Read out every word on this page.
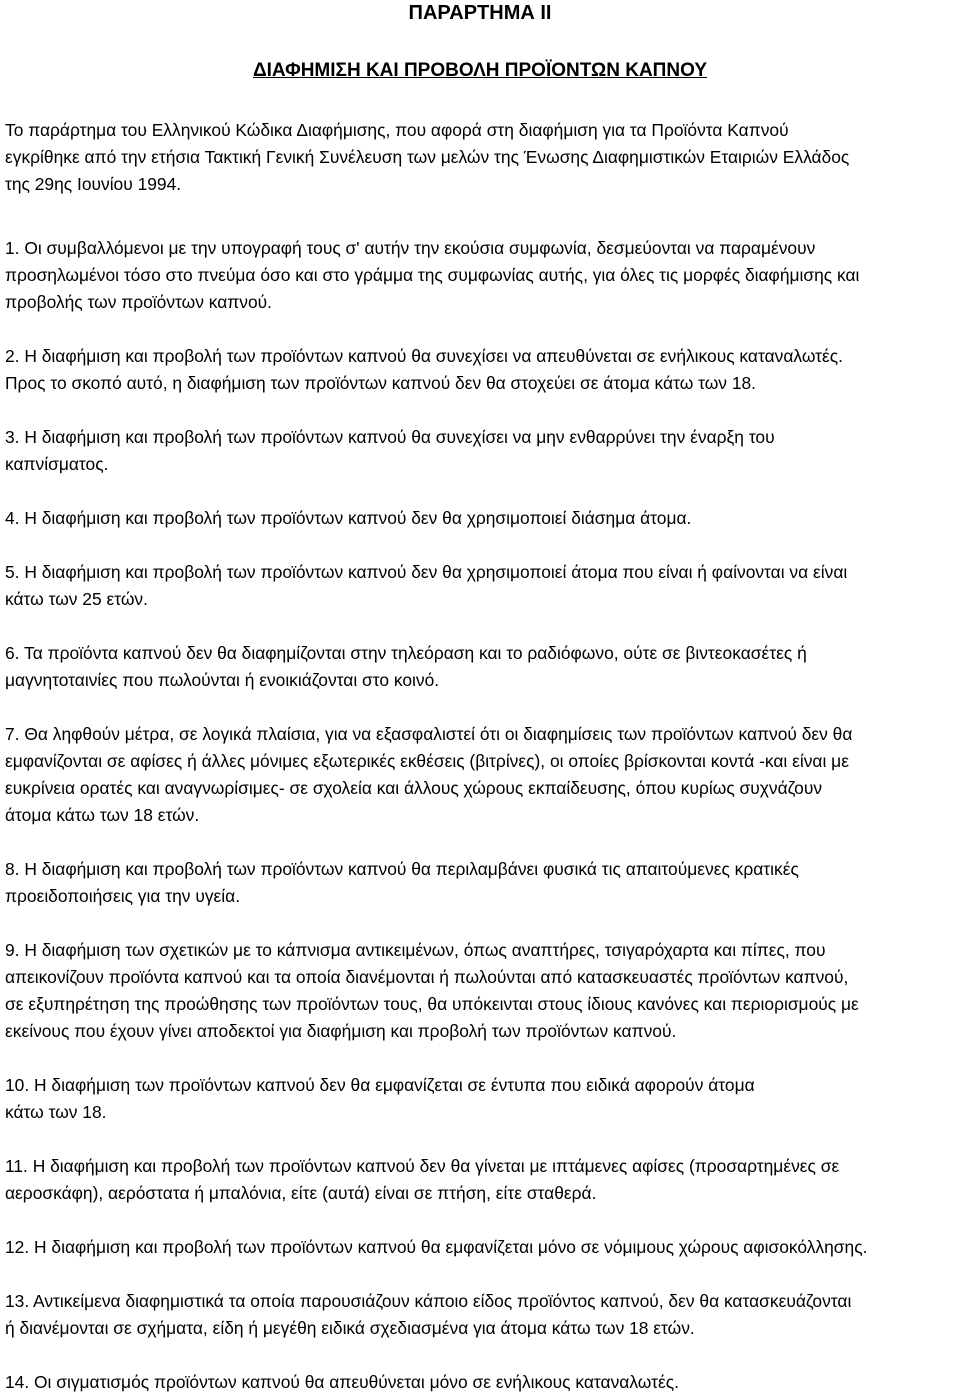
ΠΑΡΑΡΤΗΜΑ ΙΙ
ΔΙΑΦΗΜΙΣΗ ΚΑΙ ΠΡΟΒΟΛΗ ΠΡΟΪΟΝΤΩΝ ΚΑΠΝΟΥ
Το παράρτημα του Ελληνικού Κώδικα Διαφήμισης, που αφορά στη διαφήμιση για τα Προϊόντα Καπνού
εγκρίθηκε από την ετήσια Τακτική Γενική Συνέλευση των μελών της Ένωσης Διαφημιστικών Εταιριών Ελλάδος
της 29ης Ιουνίου 1994.
1. Οι συμβαλλόμενοι με την υπογραφή τους σ' αυτήν την εκούσια συμφωνία, δεσμεύονται να παραμένουν
προσηλωμένοι τόσο στο πνεύμα όσο και στο γράμμα της συμφωνίας αυτής, για όλες τις μορφές διαφήμισης και
προβολής των προϊόντων καπνού.
2. Η διαφήμιση και προβολή των προϊόντων καπνού θα συνεχίσει να απευθύνεται σε ενήλικους καταναλωτές.
Προς το σκοπό αυτό, η διαφήμιση των προϊόντων καπνού δεν θα στοχεύει σε άτομα κάτω των 18.
3. Η διαφήμιση και προβολή των προϊόντων καπνού θα συνεχίσει να μην ενθαρρύνει την έναρξη του
καπνίσματος.
4. Η διαφήμιση και προβολή των προϊόντων καπνού δεν θα χρησιμοποιεί διάσημα άτομα.
5. Η διαφήμιση και προβολή των προϊόντων καπνού δεν θα χρησιμοποιεί άτομα που είναι ή φαίνονται να είναι
κάτω των 25 ετών.
6. Τα προϊόντα καπνού δεν θα διαφημίζονται στην τηλεόραση και το ραδιόφωνο, ούτε σε βιντεοκασέτες ή
μαγνητοταινίες που πωλούνται ή ενοικιάζονται στο κοινό.
7. Θα ληφθούν μέτρα, σε λογικά πλαίσια, για να εξασφαλιστεί ότι οι διαφημίσεις των προϊόντων καπνού δεν θα
εμφανίζονται σε αφίσες ή άλλες μόνιμες εξωτερικές εκθέσεις (βιτρίνες), οι οποίες βρίσκονται κοντά -και είναι με
ευκρίνεια ορατές και αναγνωρίσιμες- σε σχολεία και άλλους χώρους εκπαίδευσης, όπου κυρίως συχνάζουν
άτομα κάτω των 18 ετών.
8. Η διαφήμιση και προβολή των προϊόντων καπνού θα περιλαμβάνει φυσικά τις απαιτούμενες κρατικές
προειδοποιήσεις για την υγεία.
9. Η διαφήμιση των σχετικών με το κάπνισμα αντικειμένων, όπως αναπτήρες, τσιγαρόχαρτα και πίπες, που
απεικονίζουν προϊόντα καπνού και τα οποία διανέμονται ή πωλούνται από κατασκευαστές προϊόντων καπνού,
σε εξυπηρέτηση της προώθησης των προϊόντων τους, θα υπόκεινται στους ίδιους κανόνες και περιορισμούς με
εκείνους που έχουν γίνει αποδεκτοί για διαφήμιση και προβολή των προϊόντων καπνού.
10. Η διαφήμιση των προϊόντων καπνού δεν θα εμφανίζεται σε έντυπα που ειδικά αφορούν άτομα
κάτω των 18.
11. Η διαφήμιση και προβολή των προϊόντων καπνού δεν θα γίνεται με ιπτάμενες αφίσες (προσαρτημένες σε
αεροσκάφη), αερόστατα ή μπαλόνια, είτε (αυτά) είναι σε πτήση, είτε σταθερά.
12. Η διαφήμιση και προβολή των προϊόντων καπνού θα εμφανίζεται μόνο σε νόμιμους χώρους αφισοκόλλησης.
13. Αντικείμενα διαφημιστικά τα οποία παρουσιάζουν κάποιο είδος προϊόντος καπνού, δεν θα κατασκευάζονται
ή διανέμονται σε σχήματα, είδη ή μεγέθη ειδικά σχεδιασμένα για άτομα κάτω των 18 ετών.
14. Οι σιγματισμός προϊόντων καπνού θα απευθύνεται μόνο σε ενήλικους καταναλωτές.
